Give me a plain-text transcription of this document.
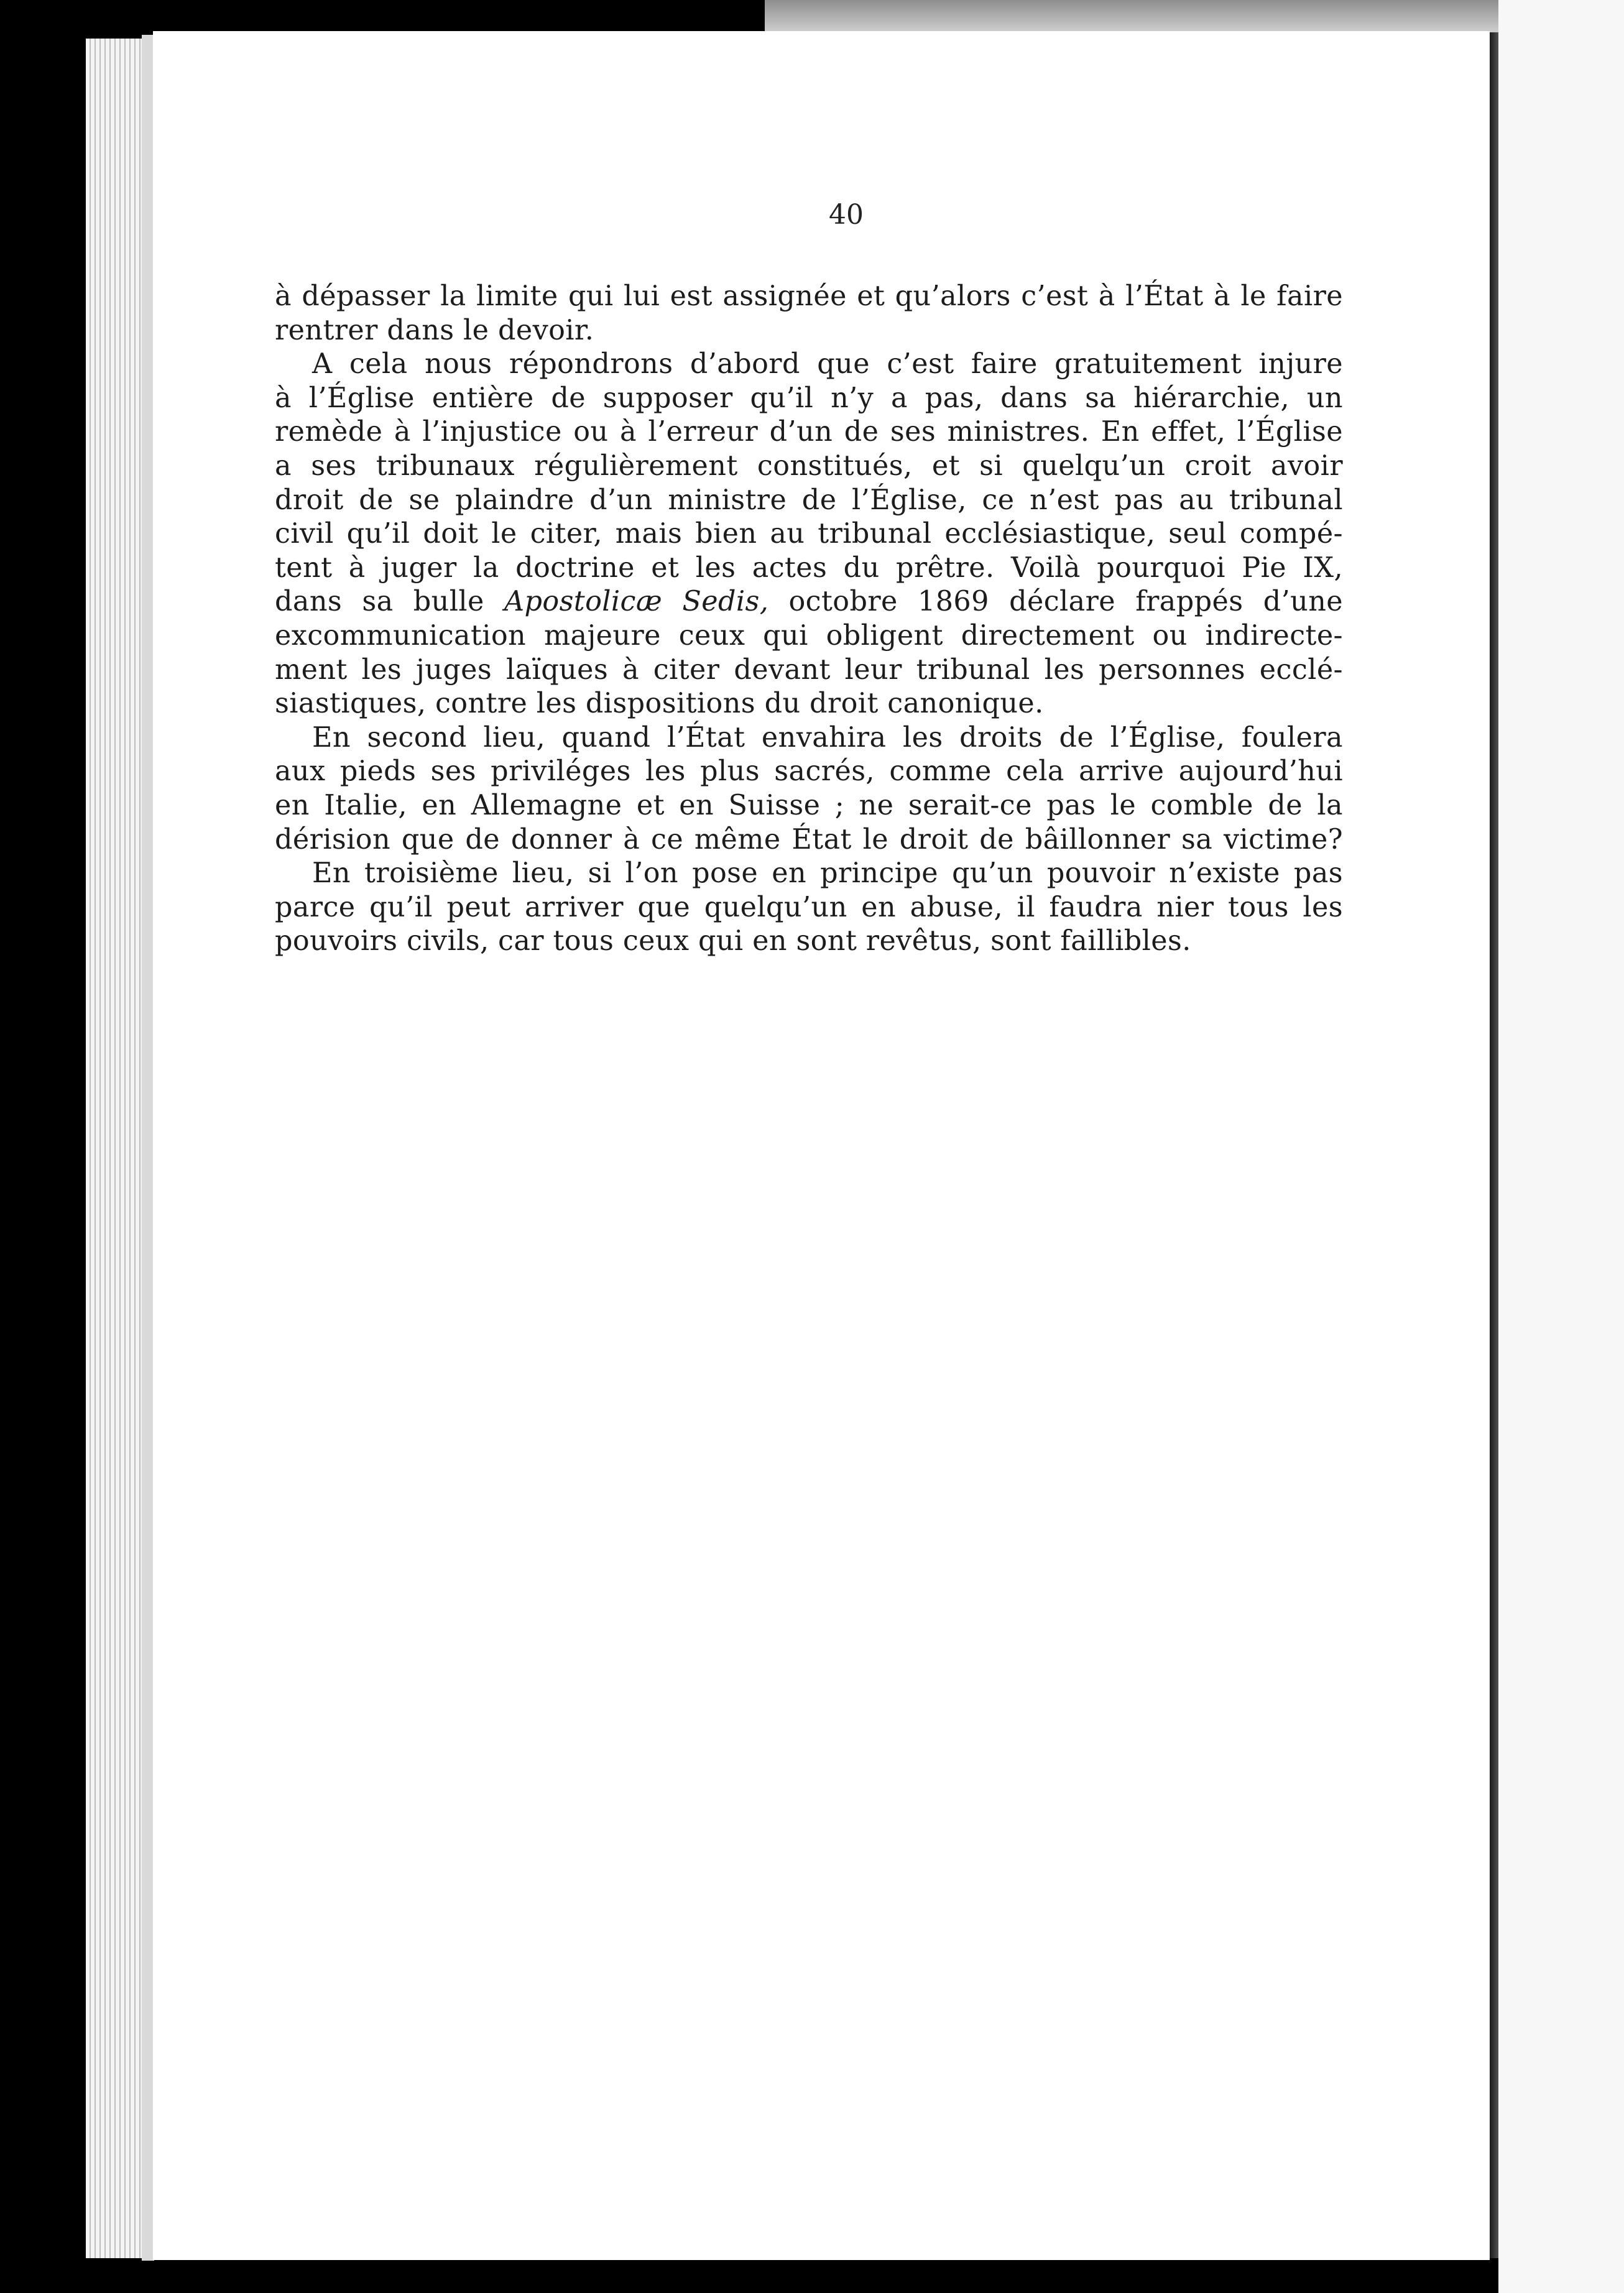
40
à dépasser la limite qui lui est assignée et qu’alors c’est à l’État à le faire
rentrer dans le devoir.
A cela nous répondrons d’abord que c’est faire gratuitement injure
à l’Église entière de supposer qu’il n’y a pas, dans sa hiérarchie, un
remède à l’injustice ou à l’erreur d’un de ses ministres. En effet, l’Église
a ses tribunaux régulièrement constitués, et si quelqu’un croit avoir
droit de se plaindre d’un ministre de l’Église, ce n’est pas au tribunal
civil qu’il doit le citer, mais bien au tribunal ecclésiastique, seul compé-
tent à juger la doctrine et les actes du prêtre. Voilà pourquoi Pie IX,
dans sa bulle Apostolicæ Sedis, octobre 1869 déclare frappés d’une
excommunication majeure ceux qui obligent directement ou indirecte-
ment les juges laïques à citer devant leur tribunal les personnes ecclé-
siastiques, contre les dispositions du droit canonique.
En second lieu, quand l’État envahira les droits de l’Église, foulera
aux pieds ses priviléges les plus sacrés, comme cela arrive aujourd’hui
en Italie, en Allemagne et en Suisse ; ne serait-ce pas le comble de la
dérision que de donner à ce même État le droit de bâillonner sa victime?
En troisième lieu, si l’on pose en principe qu’un pouvoir n’existe pas
parce qu’il peut arriver que quelqu’un en abuse, il faudra nier tous les
pouvoirs civils, car tous ceux qui en sont revêtus, sont faillibles.
